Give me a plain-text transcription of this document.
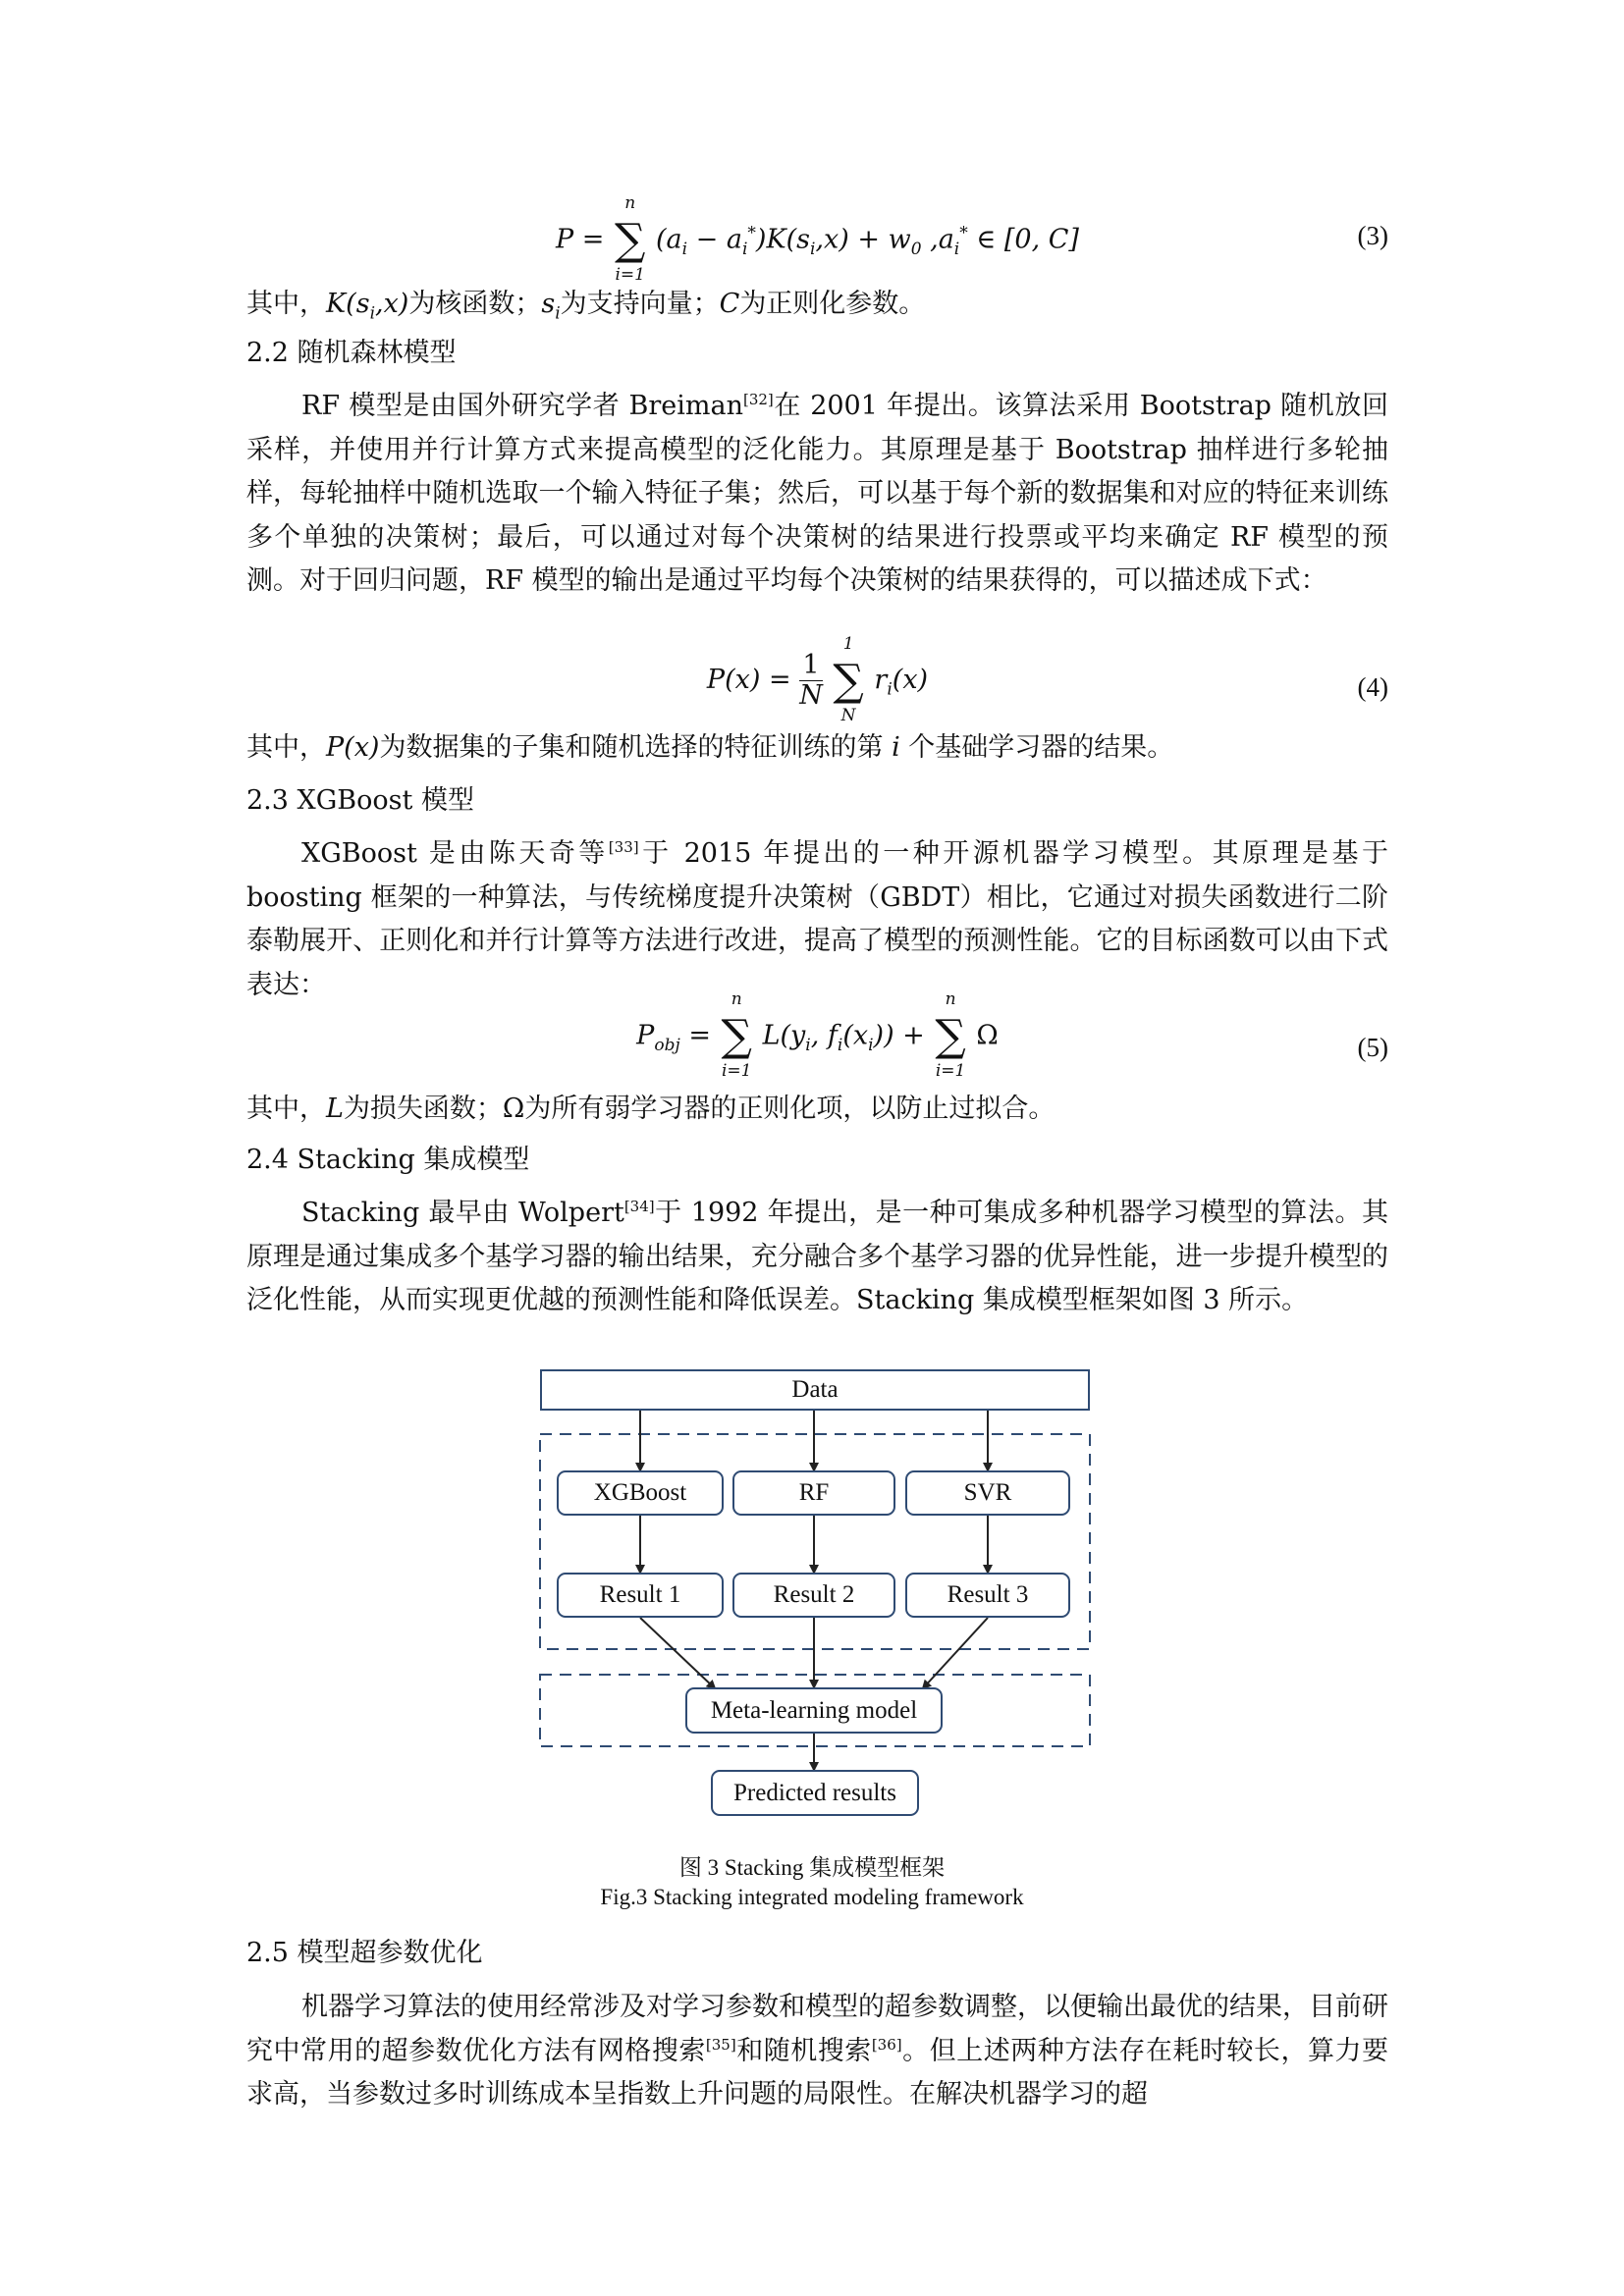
P = ∑
n
i=1
$(a_i - a_i^*)K(s_i,x) + w_0$ $,a_i^*$ ∈ [0, C]	(3)

其中，$K(s_i,x)$为核函数；$s_i$为支持向量；C为正则化参数。

2.2 随机森林模型

RF 模型是由国外研究学者 Breiman[32]在 2001 年提出。该算法采用 Bootstrap 随机放回采样，并使用并行计算方式来提高模型的泛化能力。其原理是基于 Bootstrap 抽样进行多轮抽样，每轮抽样中随机选取一个输入特征子集；然后，可以基于每个新的数据集和对应的特征来训练多个单独的决策树；最后，可以通过对每个决策树的结果进行投票或平均来确定 RF 模型的预测。对于回归问题，RF 模型的输出是通过平均每个决策树的结果获得的，可以描述成下式：

$P(x) = \frac{1}{N}$ ∑
1
N
$r_i(x)$	(4)

其中，P(x)为数据集的子集和随机选择的特征训练的第 i 个基础学习器的结果。

2.3 XGBoost 模型

XGBoost 是由陈天奇等[33]于 2015 年提出的一种开源机器学习模型。其原理是基于 boosting 框架的一种算法，与传统梯度提升决策树（GBDT）相比，它通过对损失函数进行二阶泰勒展开、正则化和并行计算等方法进行改进，提高了模型的预测性能。它的目标函数可以由下式表达：

$P_{obj}$ = ∑
n
i=1
$L(y_i$, $f_i(x_i)$) + ∑
n
i=1
Ω	(5)

其中，L为损失函数；Ω为所有弱学习器的正则化项，以防止过拟合。

2.4 Stacking 集成模型

Stacking 最早由 Wolpert[34]于 1992 年提出，是一种可集成多种机器学习模型的算法。其原理是通过集成多个基学习器的输出结果，充分融合多个基学习器的优异性能，进一步提升模型的泛化性能，从而实现更优越的预测性能和降低误差。Stacking 集成模型框架如图 3 所示。

Data
XGBoost	RF	SVR
Result 1	Result 2	Result 3
Meta-learning model
Predicted results

图 3 Stacking 集成模型框架

Fig.3 Stacking integrated modeling framework

2.5 模型超参数优化

机器学习算法的使用经常涉及对学习参数和模型的超参数调整，以便输出最优的结果，目前研究中常用的超参数优化方法有网格搜索[35]和随机搜索[36]。但上述两种方法存在耗时较长，算力要求高，当参数过多时训练成本呈指数上升问题的局限性。在解决机器学习的超
